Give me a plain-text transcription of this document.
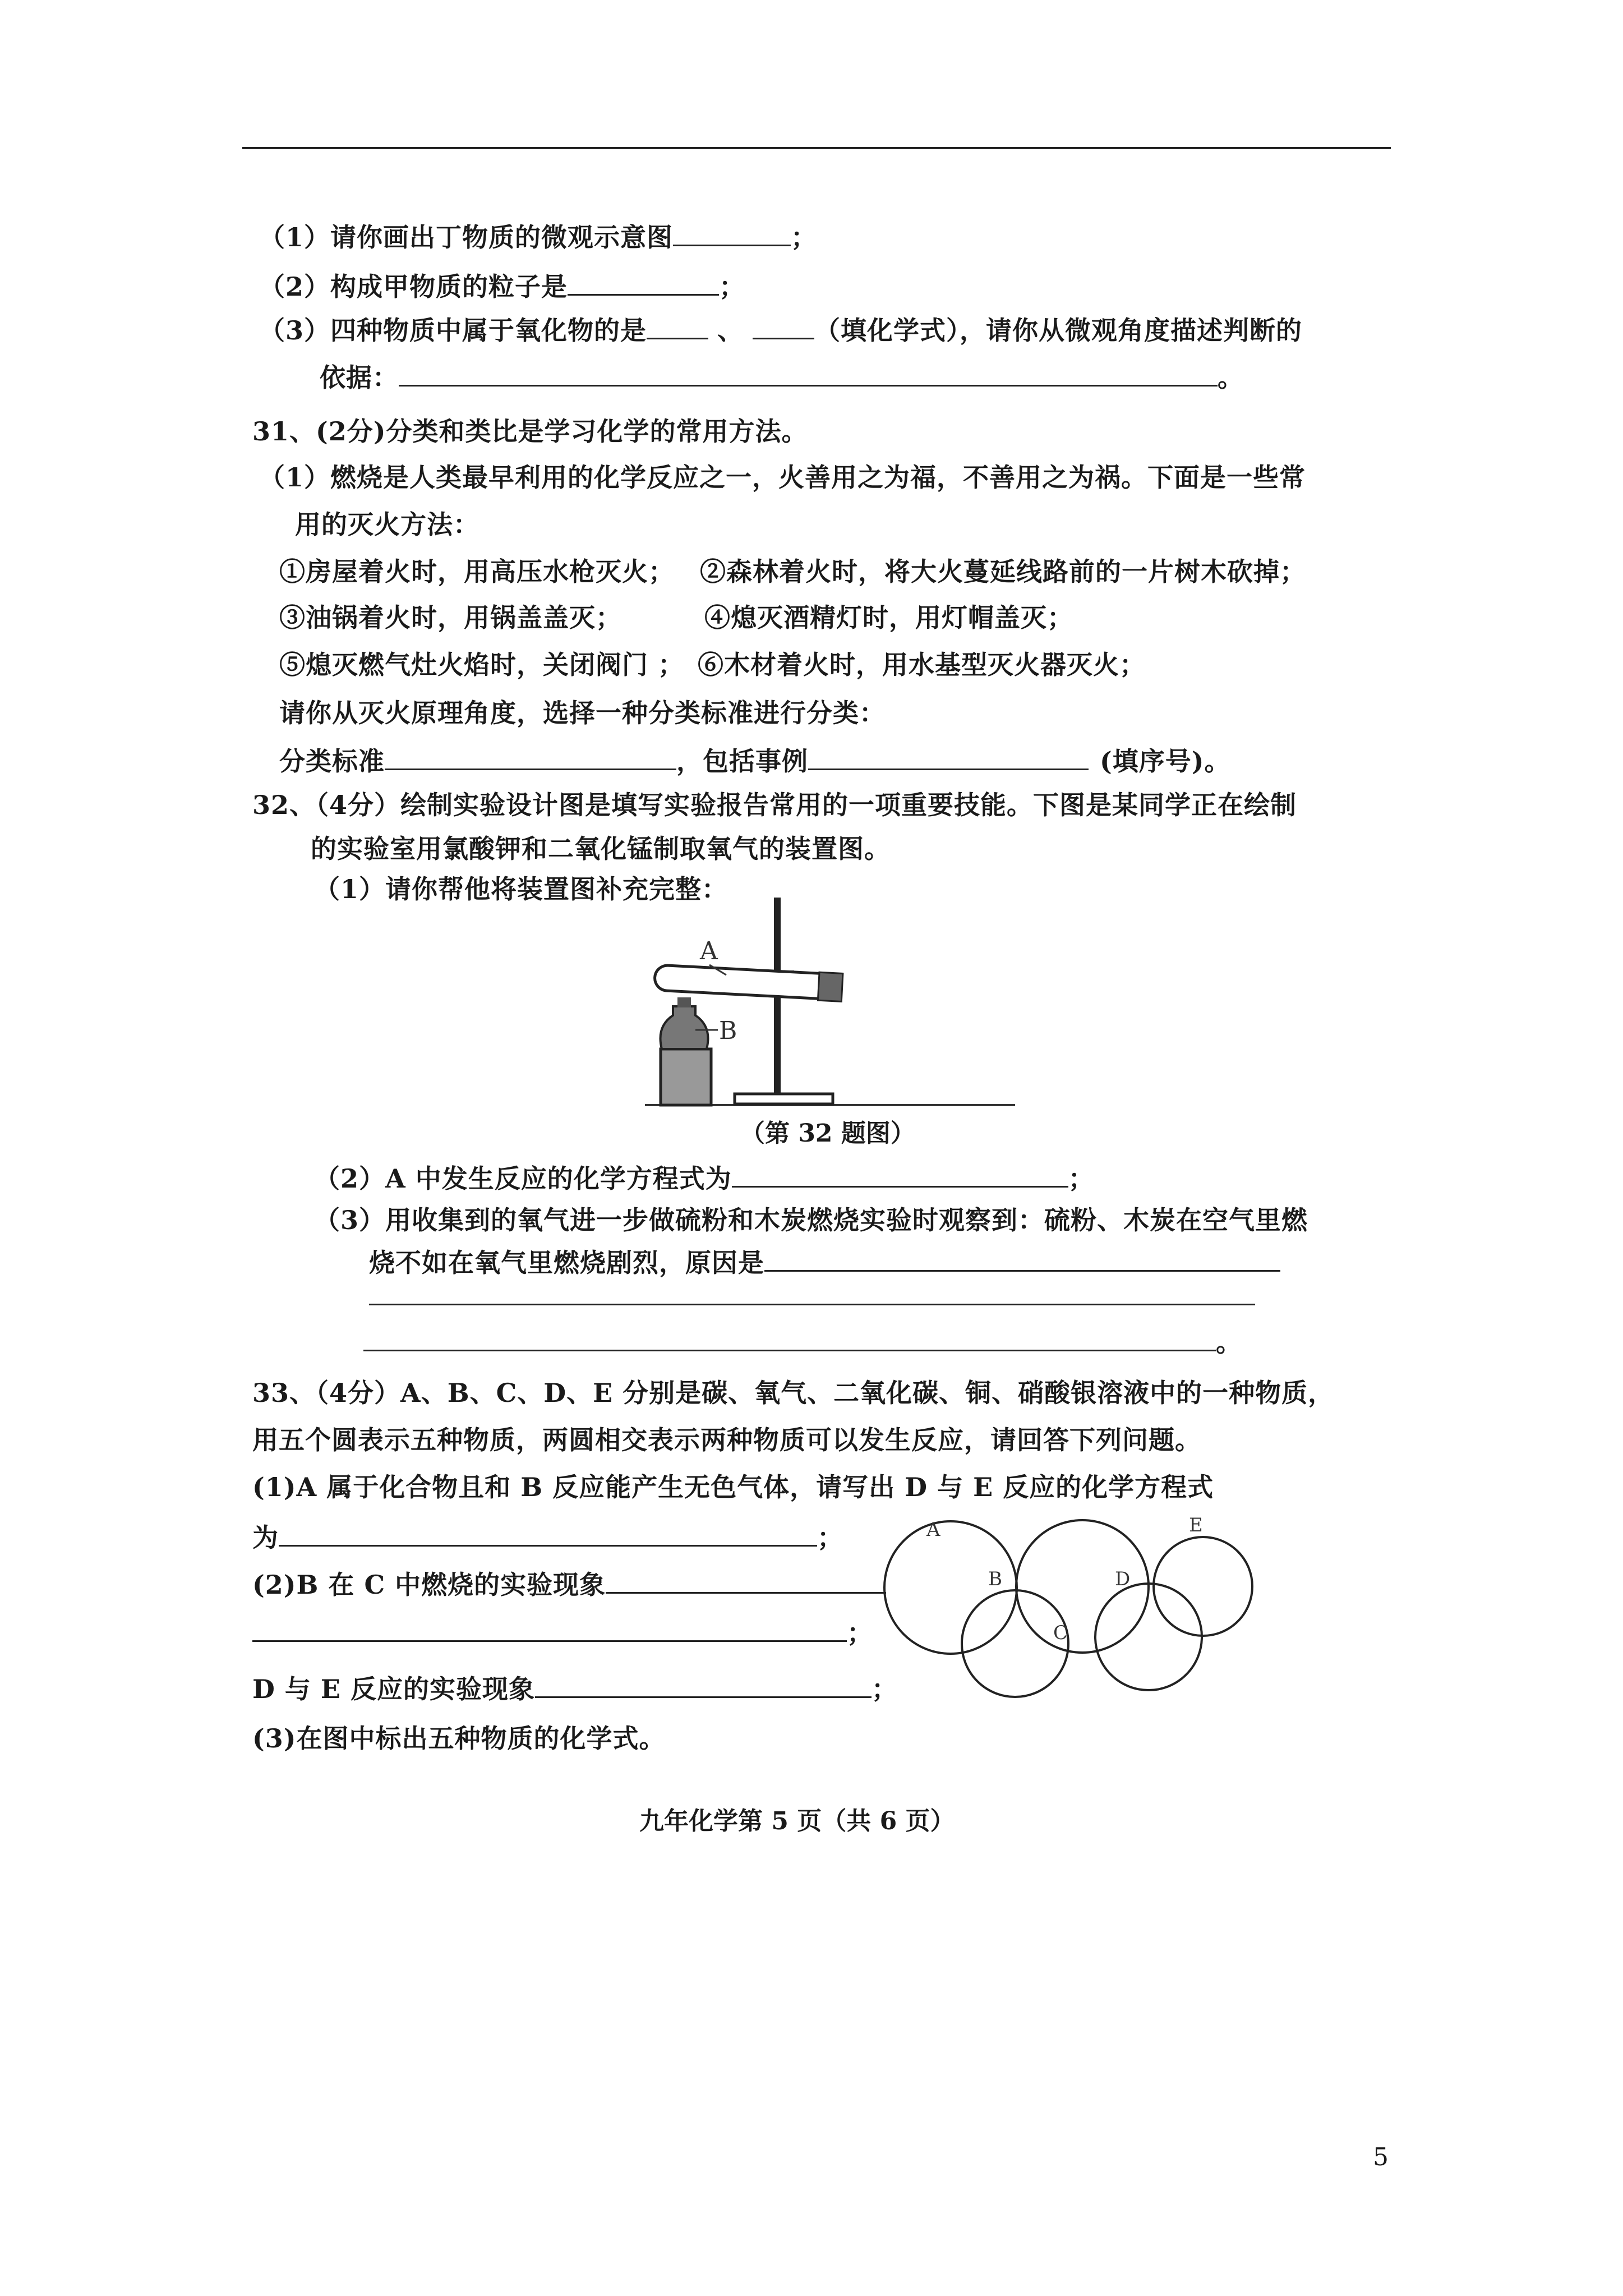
（1）请你画出丁物质的微观示意图	；
（2）构成甲物质的粒子是	；
（3）四种物质中属于氧化物的是	、	（填化学式），请你从微观角度描述判断的
依据：	。
31、(2分)分类和类比是学习化学的常用方法。
（1）燃烧是人类最早利用的化学反应之一，火善用之为福，不善用之为祸。下面是一些常
用的灭火方法：
①房屋着火时，用高压水枪灭火； ②森林着火时，将大火蔓延线路前的一片树木砍掉；
③油锅着火时，用锅盖盖灭；	④熄灭酒精灯时，用灯帽盖灭；
⑤熄灭燃气灶火焰时，关闭阀门 ； ⑥木材着火时，用水基型灭火器灭火；
请你从灭火原理角度，选择一种分类标准进行分类：
分类标准	，包括事例	(填序号)。
32、（4分）绘制实验设计图是填写实验报告常用的一项重要技能。下图是某同学正在绘制
的实验室用氯酸钾和二氧化锰制取氧气的装置图。
（1）请你帮他将装置图补充完整：
A
B
（第 32 题图）
（2）A 中发生反应的化学方程式为	；
（3）用收集到的氧气进一步做硫粉和木炭燃烧实验时观察到：硫粉、木炭在空气里燃
烧不如在氧气里燃烧剧烈，原因是
。
33、（4分）A、B、C、D、E 分别是碳、氧气、二氧化碳、铜、硝酸银溶液中的一种物质，
用五个圆表示五种物质，两圆相交表示两种物质可以发生反应，请回答下列问题。
(1)A 属于化合物且和 B 反应能产生无色气体，请写出 D 与 E 反应的化学方程式
为	；
(2)B 在 C 中燃烧的实验现象
；
D 与 E 反应的实验现象	；
(3)在图中标出五种物质的化学式。
A
B
C
D
E
九年化学第 5 页（共 6 页）
5
